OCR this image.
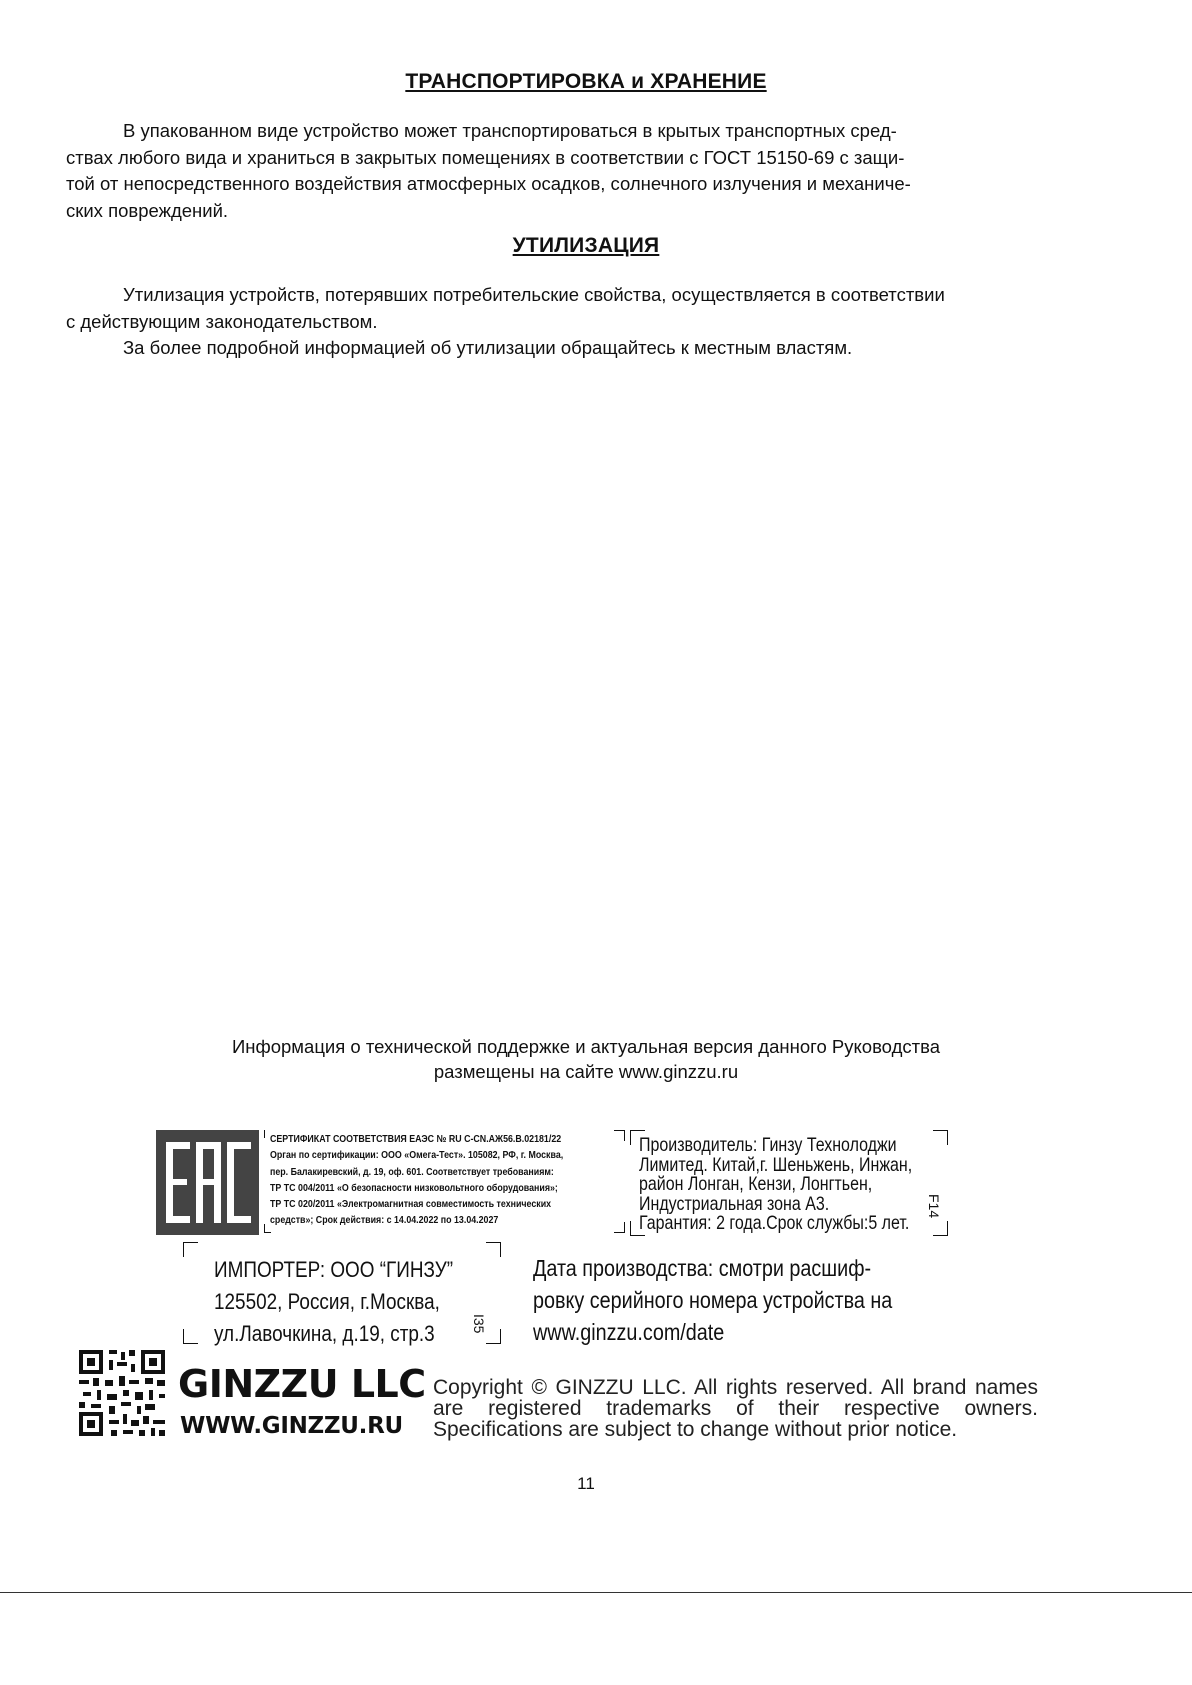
ТРАНСПОРТИРОВКА и ХРАНЕНИЕ
В упакованном виде устройство может транспортироваться в крытых транспортных сред-
ствах любого вида и храниться в закрытых помещениях в соответствии с ГОСТ 15150-69 с защи-
той от непосредственного воздействия атмосферных осадков, солнечного излучения и механиче-
ских повреждений.
УТИЛИЗАЦИЯ
Утилизация устройств, потерявших потребительские свойства, осуществляется в соответствии
с действующим законодательством.
За более подробной информацией об утилизации обращайтесь к местным властям.
Информация о технической поддержке и актуальная версия данного Руководства
размещены на сайте www.ginzzu.ru
СЕРТИФИКАТ СООТВЕТСТВИЯ ЕАЭС № RU С-CN.АЖ56.В.02181/22
Орган по сертификации: ООО «Омега-Тест». 105082, РФ, г. Москва,
пер. Балакиревский, д. 19, оф. 601. Соответствует требованиям:
ТР ТС 004/2011 «О безопасности низковольтного оборудования»;
ТР ТС 020/2011 «Электромагнитная совместимость технических
средств»; Срок действия: с 14.04.2022 по 13.04.2027
Производитель: Гинзу Технолоджи
Лимитед. Китай,г. Шеньжень, Инжан,
район Лонган, Кензи, Лонгтьен,
Индустриальная зона А3.
Гарантия: 2 года.Срок службы:5 лет.
F14
ИМПОРТЕР: ООО “ГИНЗУ”
125502, Россия, г.Москва,
ул.Лавочкина, д.19, стр.3	I35
Дата производства: смотри расшиф-
ровку серийного номера устройства на
www.ginzzu.com/date
GINZZU LLC
WWW.GINZZU.RU
Copyright © GINZZU LLC. All rights reserved. All brand names
are registered trademarks of their respective owners.
Specifications are subject to change without prior notice.
11
